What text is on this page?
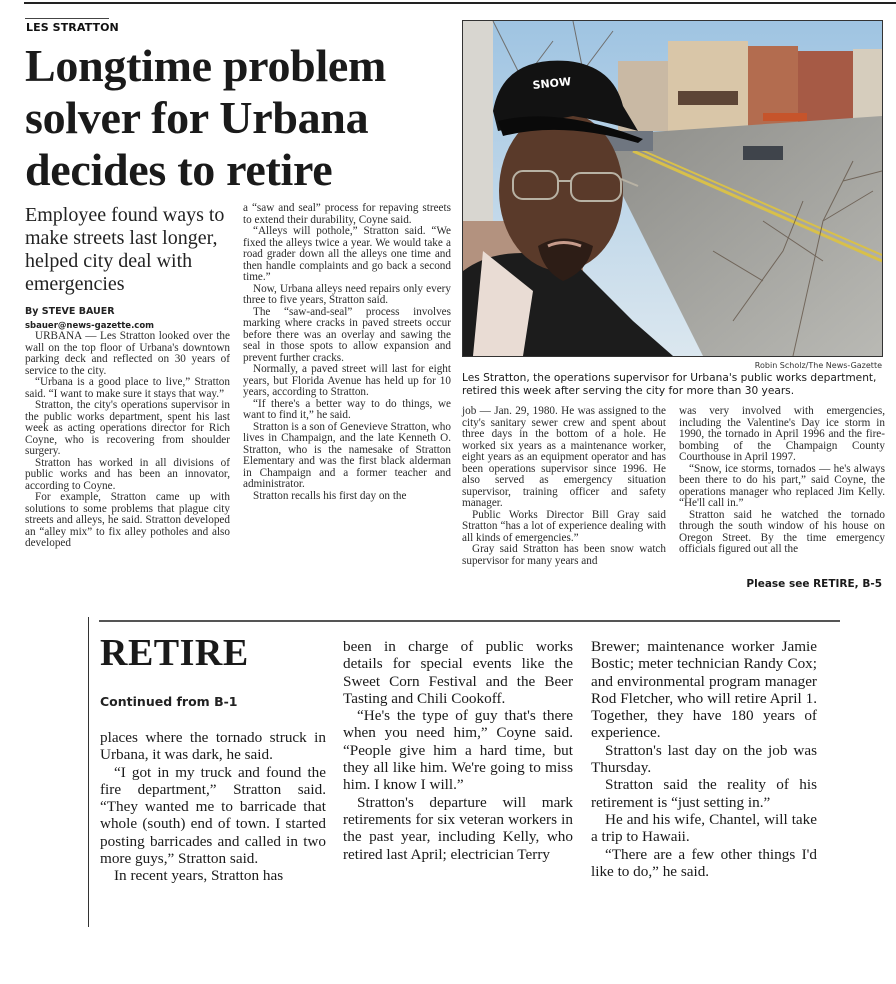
LES STRATTON
Longtime problem solver for Urbana decides to retire
Employee found ways to make streets last longer, helped city deal with emergencies
By STEVE BAUER
sbauer@news-gazette.com

URBANA — Les Stratton looked over the wall on the top floor of Urbana's downtown parking deck and reflected on 30 years of service to the city.

“Urbana is a good place to live,” Stratton said. “I want to make sure it stays that way.”

Stratton, the city's operations supervisor in the public works department, spent his last week as acting operations director for Rich Coyne, who is recovering from shoulder surgery.

Stratton has worked in all divisions of public works and has been an innovator, according to Coyne.

For example, Stratton came up with solutions to some problems that plague city streets and alleys, he said. Stratton developed an “alley mix” to fix alley potholes and also developed

a “saw and seal” process for repaving streets to extend their durability, Coyne said.

“Alleys will pothole,” Stratton said. “We fixed the alleys twice a year. We would take a road grader down all the alleys one time and then handle complaints and go back a second time.”

Now, Urbana alleys need repairs only every three to five years, Stratton said.

The “saw-and-seal” process involves marking where cracks in paved streets occur before there was an overlay and sawing the seal in those spots to allow expansion and prevent further cracks.

Normally, a paved street will last for eight years, but Florida Avenue has held up for 10 years, according to Stratton.

“If there's a better way to do things, we want to find it,” he said.

Stratton is a son of Genevieve Stratton, who lives in Champaign, and the late Kenneth O. Stratton, who is the namesake of Stratton Elementary and was the first black alderman in Champaign and a former teacher and administrator.

Stratton recalls his first day on the

SNOW
Robin Scholz/The News-Gazette
Les Stratton, the operations supervisor for Urbana's public works department, retired this week after serving the city for more than 30 years.

job — Jan. 29, 1980. He was assigned to the city's sanitary sewer crew and spent about three days in the bottom of a hole. He worked six years as a maintenance worker, eight years as an equipment operator and has been operations supervisor since 1996. He also served as emergency situation supervisor, training officer and safety manager.

Public Works Director Bill Gray said Stratton “has a lot of experience dealing with all kinds of emergencies.”

Gray said Stratton has been snow watch supervisor for many years and

was very involved with emergencies, including the Valentine's Day ice storm in 1990, the tornado in April 1996 and the fire-bombing of the Champaign County Courthouse in April 1997.

“Snow, ice storms, tornados — he's always been there to do his part,” said Coyne, the operations manager who replaced Jim Kelly. “He'll call in.”

Stratton said he watched the tornado through the south window of his house on Oregon Street. By the time emergency officials figured out all the

Please see RETIRE, B-5
RETIRE
Continued from B-1

places where the tornado struck in Urbana, it was dark, he said.

“I got in my truck and found the fire department,” Stratton said. “They wanted me to barricade that whole (south) end of town. I started posting barricades and called in two more guys,” Stratton said.

In recent years, Stratton has

been in charge of public works details for special events like the Sweet Corn Festival and the Beer Tasting and Chili Cookoff.

“He's the type of guy that's there when you need him,” Coyne said. “People give him a hard time, but they all like him. We're going to miss him. I know I will.”

Stratton's departure will mark retirements for six veteran workers in the past year, including Kelly, who retired last April; electrician Terry

Brewer; maintenance worker Jamie Bostic; meter technician Randy Cox; and environmental program manager Rod Fletcher, who will retire April 1. Together, they have 180 years of experience.

Stratton's last day on the job was Thursday.

Stratton said the reality of his retirement is “just setting in.”

He and his wife, Chantel, will take a trip to Hawaii.

“There are a few other things I'd like to do,” he said.
